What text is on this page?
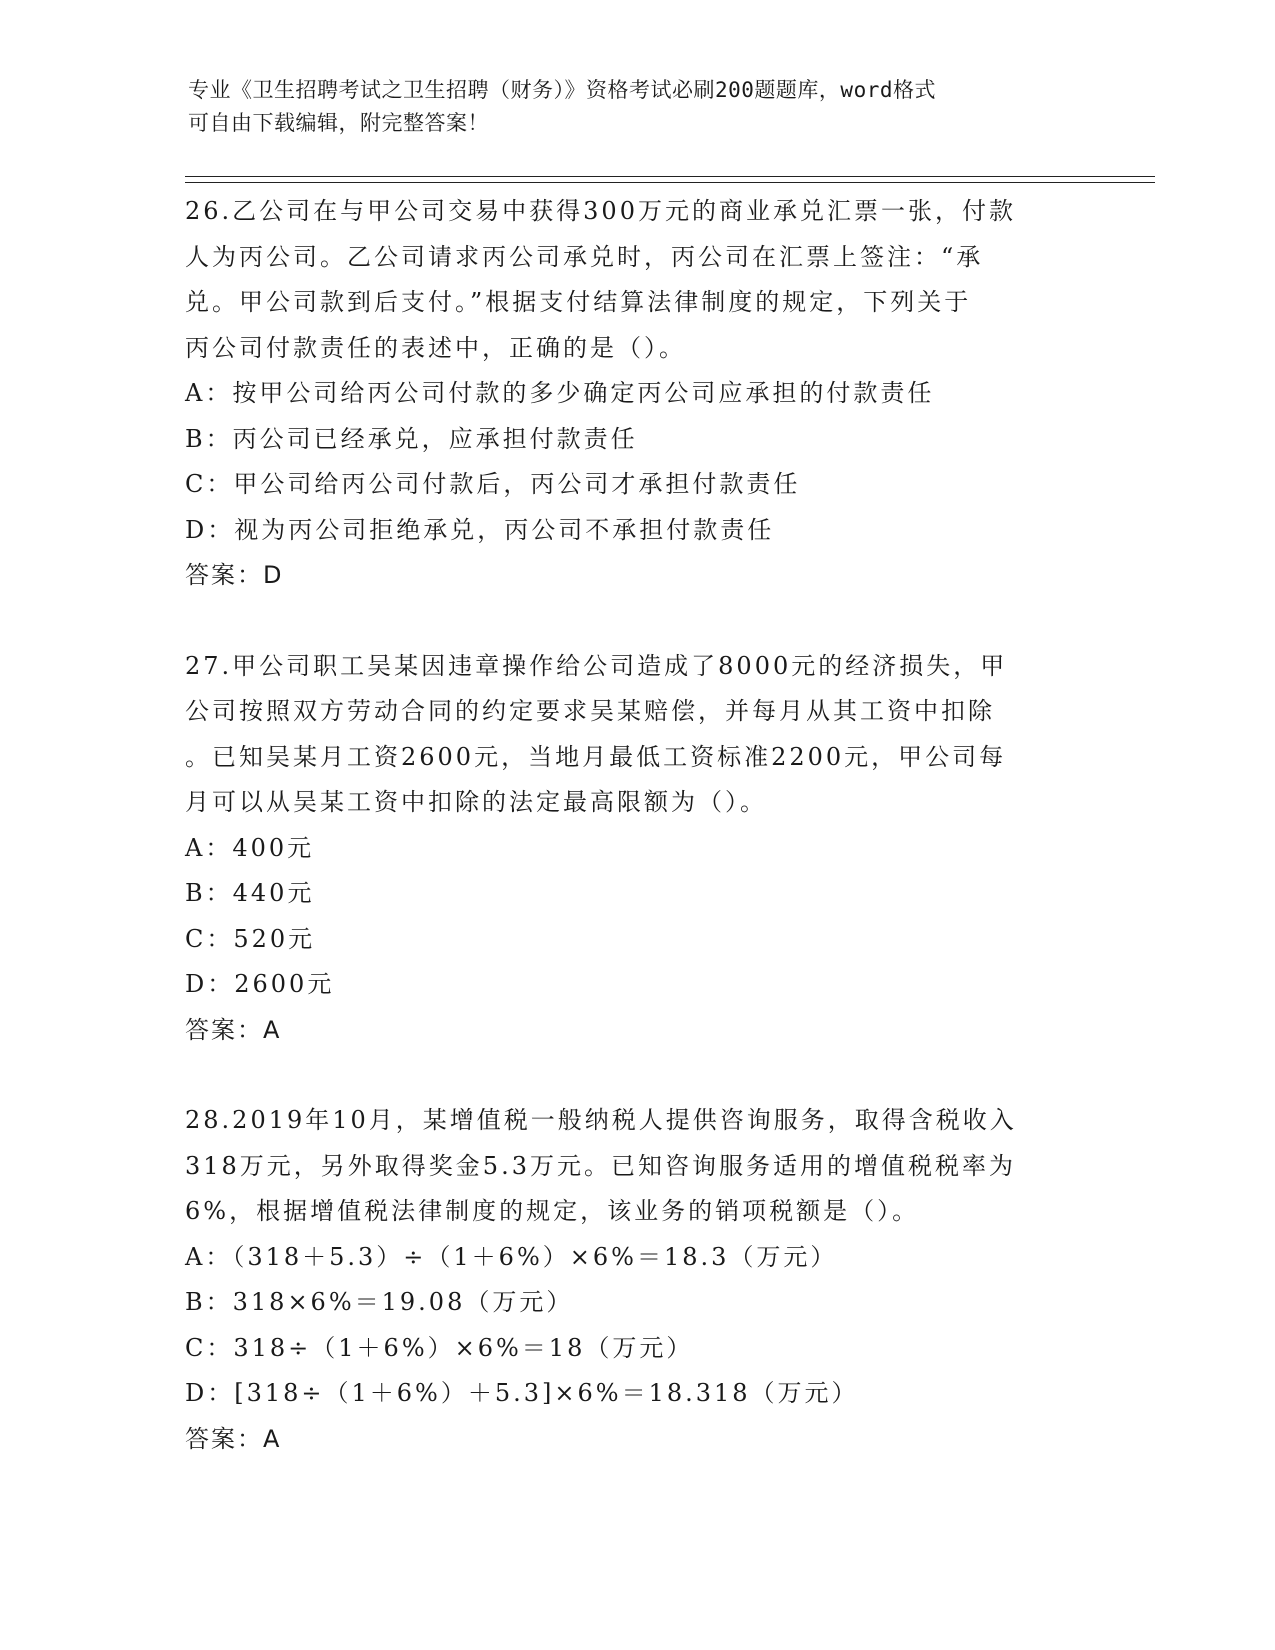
专业《卫生招聘考试之卫生招聘（财务）》资格考试必刷200题题库，word格式
可自由下载编辑，附完整答案！
26.乙公司在与甲公司交易中获得300万元的商业承兑汇票一张，付款
人为丙公司。乙公司请求丙公司承兑时，丙公司在汇票上签注：“承
兑。甲公司款到后支付。”根据支付结算法律制度的规定，下列关于
丙公司付款责任的表述中，正确的是（）。
A：按甲公司给丙公司付款的多少确定丙公司应承担的付款责任
B：丙公司已经承兑，应承担付款责任
C：甲公司给丙公司付款后，丙公司才承担付款责任
D：视为丙公司拒绝承兑，丙公司不承担付款责任
答案：D
27.甲公司职工吴某因违章操作给公司造成了8000元的经济损失，甲
公司按照双方劳动合同的约定要求吴某赔偿，并每月从其工资中扣除
。已知吴某月工资2600元，当地月最低工资标准2200元，甲公司每
月可以从吴某工资中扣除的法定最高限额为（）。
A：400元
B：440元
C：520元
D：2600元
答案：A
28.2019年10月，某增值税一般纳税人提供咨询服务，取得含税收入
318万元，另外取得奖金5.3万元。已知咨询服务适用的增值税税率为
6%，根据增值税法律制度的规定，该业务的销项税额是（）。
A：（318＋5.3）÷（1＋6%）×6%＝18.3（万元）
B：318×6%＝19.08（万元）
C：318÷（1＋6%）×6%＝18（万元）
D：[318÷（1＋6%）＋5.3]×6%＝18.318（万元）
答案：A
